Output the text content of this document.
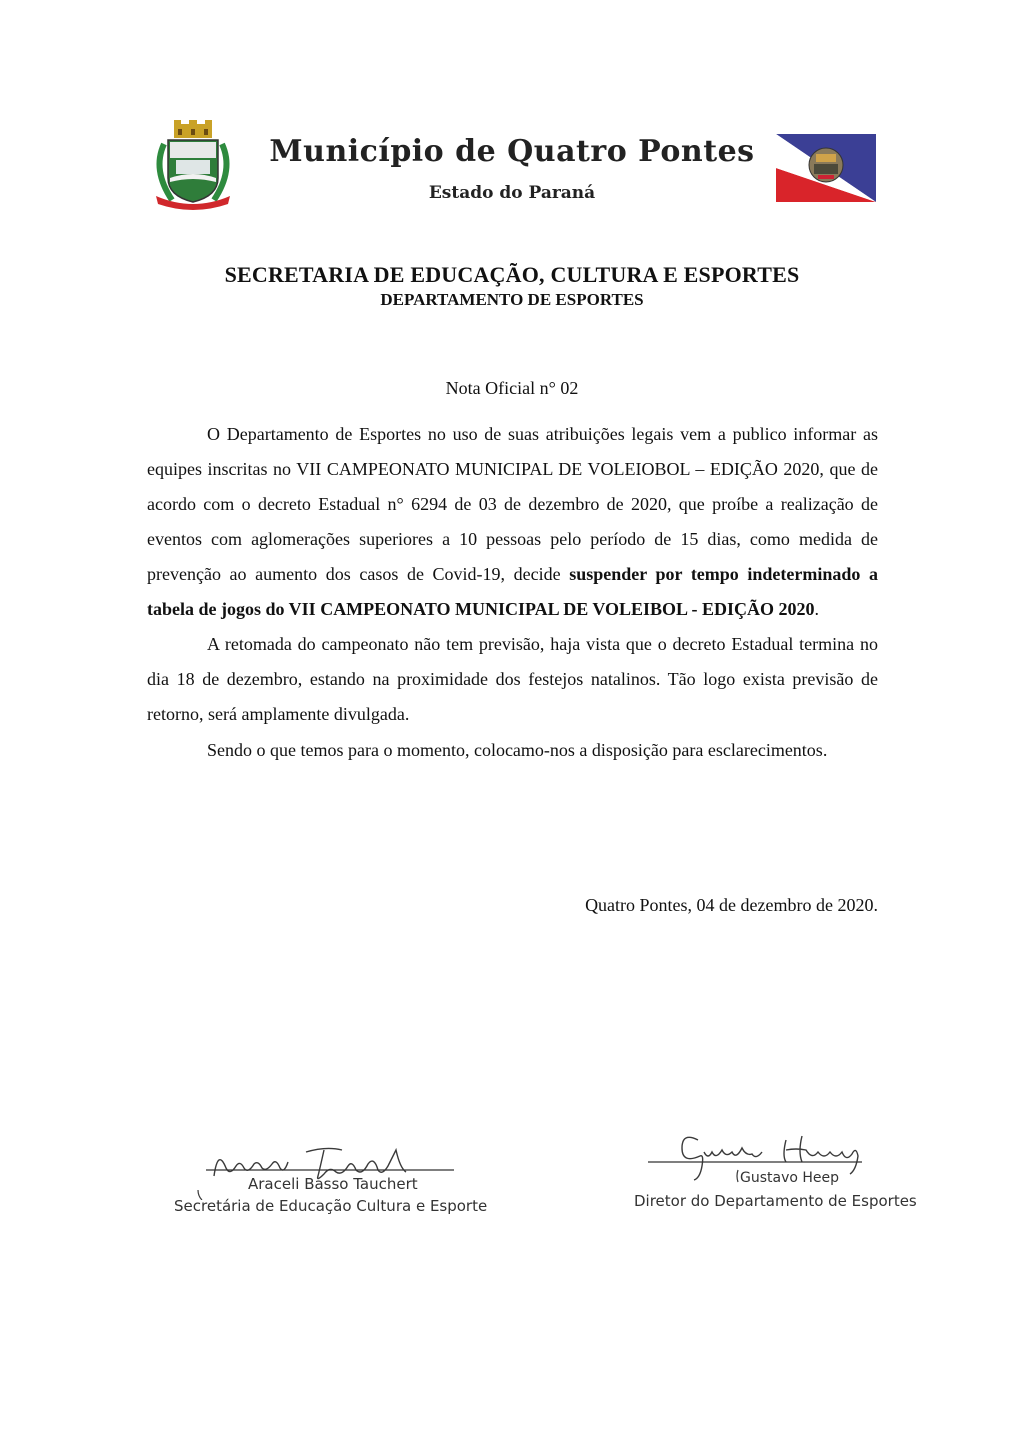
Município de Quatro Pontes
Estado do Paraná
SECRETARIA DE EDUCAÇÃO, CULTURA E ESPORTES
DEPARTAMENTO DE ESPORTES
Nota Oficial n° 02

O Departamento de Esportes no uso de suas atribuições legais vem a publico informar as equipes inscritas no VII CAMPEONATO MUNICIPAL DE VOLEIOBOL – EDIÇÃO 2020, que de acordo com o decreto Estadual n° 6294 de 03 de dezembro de 2020, que proíbe a realização de eventos com aglomerações superiores a 10 pessoas pelo período de 15 dias, como medida de prevenção ao aumento dos casos de Covid-19, decide suspender por tempo indeterminado a tabela de jogos do VII CAMPEONATO MUNICIPAL DE VOLEIBOL - EDIÇÃO 2020.

A retomada do campeonato não tem previsão, haja vista que o decreto Estadual termina no dia 18 de dezembro, estando na proximidade dos festejos natalinos. Tão logo exista previsão de retorno, será amplamente divulgada.

Sendo o que temos para o momento, colocamo-nos a disposição para esclarecimentos.

Quatro Pontes, 04 de dezembro de 2020.
Araceli Basso Tauchert
Secretária de Educação Cultura e Esporte
Gustavo Heep
Diretor do Departamento de Esportes
